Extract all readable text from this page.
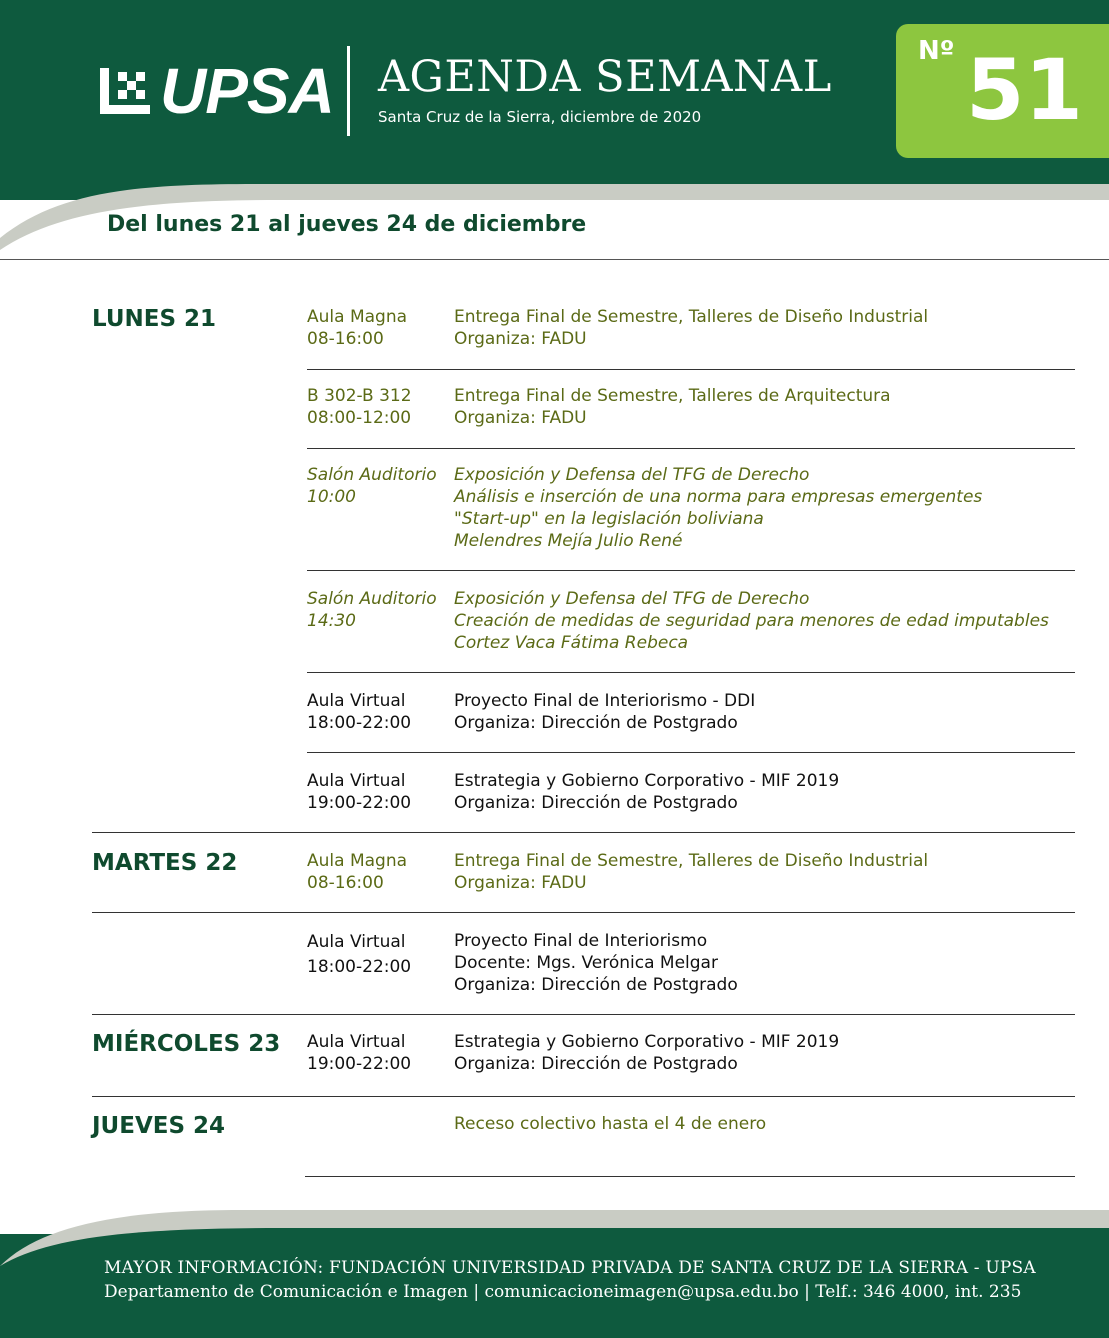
UPSA AGENDA SEMANAL
Santa Cruz de la Sierra, diciembre de 2020
Nº 51
Del lunes 21 al jueves 24 de diciembre
LUNES 21
MARTES 22
MIÉRCOLES 23
JUEVES 24
Aula Magna
08-16:00
Entrega Final de Semestre, Talleres de Diseño Industrial
Organiza: FADU
B 302-B 312
08:00-12:00
Entrega Final de Semestre, Talleres de Arquitectura
Organiza: FADU
Salón Auditorio
10:00
Exposición y Defensa del TFG de Derecho
Análisis e inserción de una norma para empresas emergentes
"Start-up" en la legislación boliviana
Melendres Mejía Julio René
Salón Auditorio
14:30
Exposición y Defensa del TFG de Derecho
Creación de medidas de seguridad para menores de edad imputables
Cortez Vaca Fátima Rebeca
Aula Virtual
18:00-22:00
Proyecto Final de Interiorismo - DDI
Organiza: Dirección de Postgrado
Aula Virtual
19:00-22:00
Estrategia y Gobierno Corporativo - MIF 2019
Organiza: Dirección de Postgrado
Aula Magna
08-16:00
Entrega Final de Semestre, Talleres de Diseño Industrial
Organiza: FADU
Aula Virtual
18:00-22:00
Proyecto Final de Interiorismo
Docente: Mgs. Verónica Melgar
Organiza: Dirección de Postgrado
Aula Virtual
19:00-22:00
Estrategia y Gobierno Corporativo - MIF 2019
Organiza: Dirección de Postgrado
Receso colectivo hasta el 4 de enero
MAYOR INFORMACIÓN: FUNDACIÓN UNIVERSIDAD PRIVADA DE SANTA CRUZ DE LA SIERRA - UPSA
Departamento de Comunicación e Imagen | comunicacioneimagen@upsa.edu.bo | Telf.: 346 4000, int. 235
